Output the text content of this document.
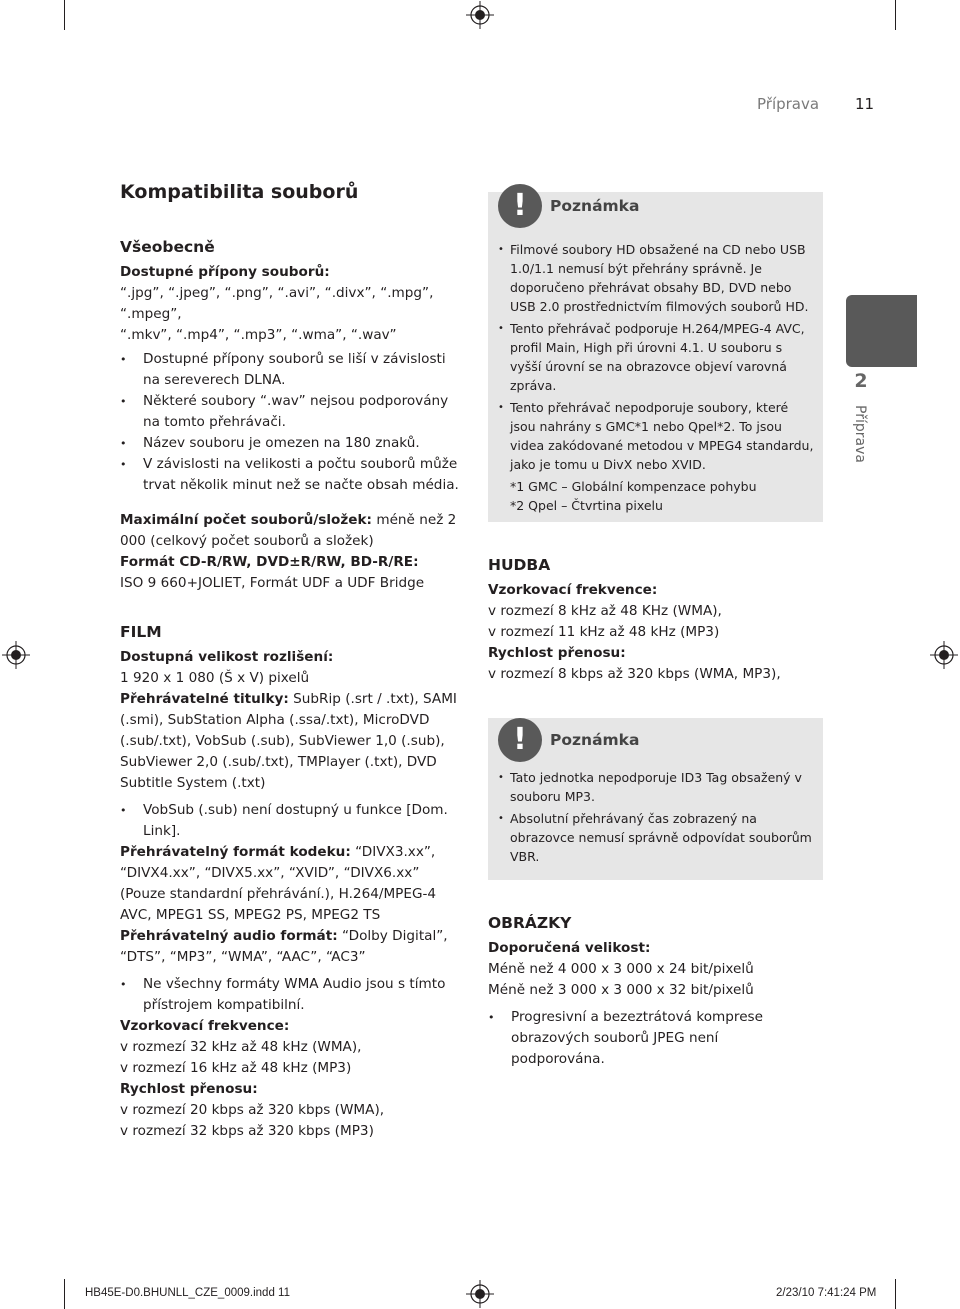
Příprava 11
Kompatibilita souborů

Všeobecně

Dostupné přípony souborů:

“.jpg”, “.jpeg”, “.png”, “.avi”, “.divx”, “.mpg”, “.mpeg”,

“.mkv”, “.mp4”, “.mp3”, “.wma”, “.wav”

• Dostupné přípony souborů se liší v závislosti na sereverech DLNA.
• Některé soubory “.wav” nejsou podporovány na tomto přehrávači.
• Název souboru je omezen na 180 znaků.
• V závislosti na velikosti a počtu souborů může trvat několik minut než se načte obsah média.

Maximální počet souborů/složek: méně než 2 000 (celkový počet souborů a složek)

Formát CD-R/RW, DVD±R/RW, BD-R/RE:

ISO 9 660+JOLIET, Formát UDF a UDF Bridge

FILM

Dostupná velikost rozlišení:

1 920 x 1 080 (Š x V) pixelů

Přehrávatelné titulky: SubRip (.srt / .txt), SAMI (.smi), SubStation Alpha (.ssa/.txt), MicroDVD (.sub/.txt), VobSub (.sub), SubViewer 1,0 (.sub), SubViewer 2,0 (.sub/.txt), TMPlayer (.txt), DVD Subtitle System (.txt)

• VobSub (.sub) není dostupný u funkce [Dom. Link].

Přehrávatelný formát kodeku: “DIVX3.xx”, “DIVX4.xx”, “DIVX5.xx”, “XVID”, “DIVX6.xx” (Pouze standardní přehrávání.), H.264/MPEG-4 AVC, MPEG1 SS, MPEG2 PS, MPEG2 TS

Přehrávatelný audio formát: “Dolby Digital”, “DTS”, “MP3”, “WMA”, “AAC”, “AC3”

• Ne všechny formáty WMA Audio jsou s tímto přístrojem kompatibilní.

Vzorkovací frekvence:

v rozmezí 32 kHz až 48 kHz (WMA),

v rozmezí 16 kHz až 48 kHz (MP3)

Rychlost přenosu:

v rozmezí 20 kbps až 320 kbps (WMA),

v rozmezí 32 kbps až 320 kbps (MP3)

!	Poznámka
• Filmové soubory HD obsažené na CD nebo USB 1.0/1.1 nemusí být přehrány správně. Je doporučeno přehrávat obsahy BD, DVD nebo USB 2.0 prostřednictvím filmových souborů HD.
• Tento přehrávač podporuje H.264/MPEG-4 AVC, profil Main, High při úrovni 4.1. U souboru s vyšší úrovní se na obrazovce objeví varovná zpráva.
• Tento přehrávač nepodporuje soubory, které jsou nahrány s GMC*1 nebo Qpel*2. To jsou videa zakódované metodou v MPEG4 standardu, jako je tomu u DivX nebo XVID.

*1 GMC – Globální kompenzace pohybu

*2 Qpel – Čtvrtina pixelu

HUDBA

Vzorkovací frekvence:

v rozmezí 8 kHz až 48 KHz (WMA),

v rozmezí 11 kHz až 48 kHz (MP3)

Rychlost přenosu:

v rozmezí 8 kbps až 320 kbps (WMA, MP3),

!	Poznámka
• Tato jednotka nepodporuje ID3 Tag obsažený v souboru MP3.
• Absolutní přehrávaný čas zobrazený na obrazovce nemusí správně odpovídat souborům VBR.

OBRÁZKY

Doporučená velikost:

Méně než 4 000 x 3 000 x 24 bit/pixelů

Méně než 3 000 x 3 000 x 32 bit/pixelů

• Progresivní a bezeztrátová komprese obrazových souborů JPEG není podporována.
2
Příprava
HB45E-D0.BHUNLL_CZE_0009.indd 11	2/23/10 7:41:24 PM
